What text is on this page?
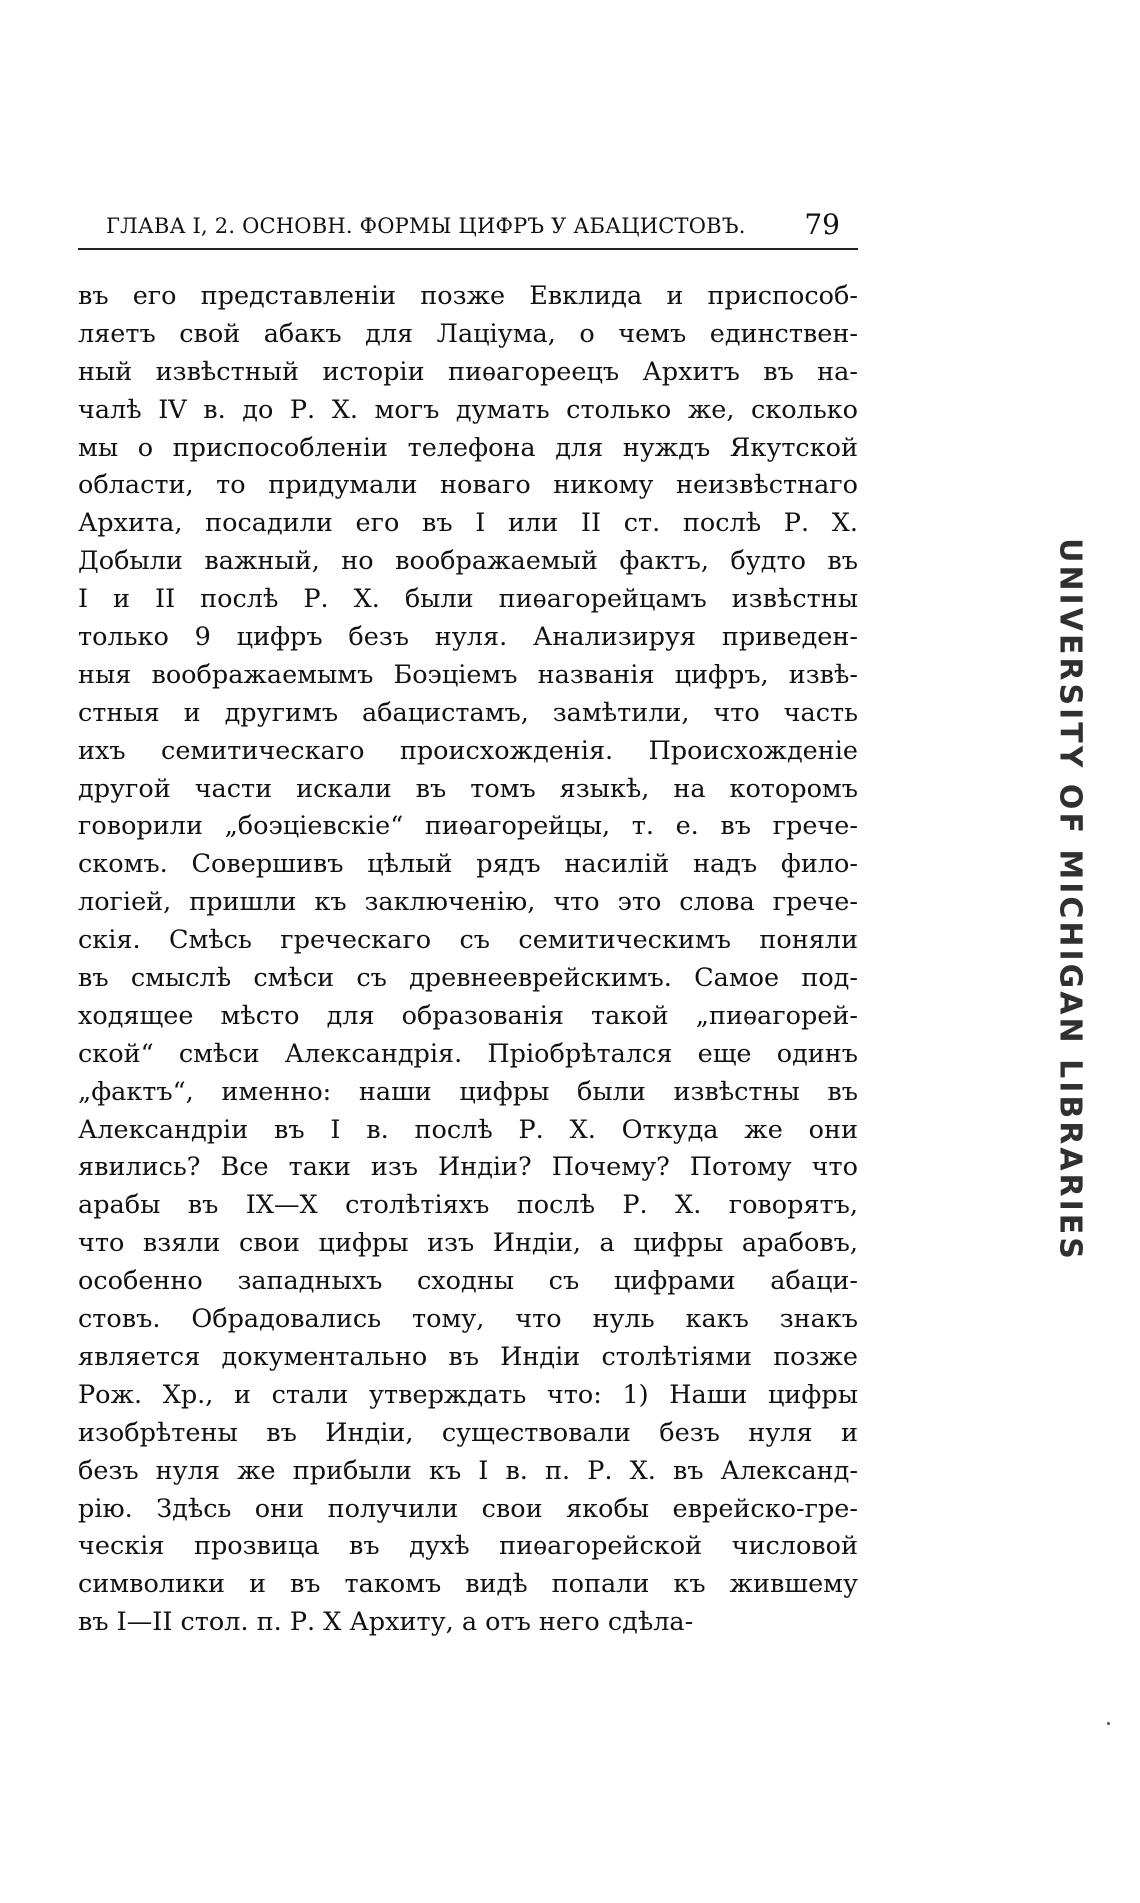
ГЛАВА I, 2. ОСНОВН. ФОРМЫ ЦИФРЪ У АБАЦИСТОВЪ. 79
въ его представленіи позже Евклида и приспособ-
ляетъ свой абакъ для Лаціума, о чемъ единствен-
ный извѣстный исторіи пиѳагореецъ Архитъ въ на-
чалѣ IV в. до Р. X. могъ думать столько же, сколько
мы о приспособленіи телефона для нуждъ Якутской
области, то придумали новаго никому неизвѣстнаго
Архита, посадили его въ I или II ст. послѣ Р. X.
Добыли важный, но воображаемый фактъ, будто въ
I и II послѣ Р. X. были пиѳагорейцамъ извѣстны
только 9 цифръ безъ нуля. Анализируя приведен-
ныя воображаемымъ Боэціемъ названія цифръ, извѣ-
стныя и другимъ абацистамъ, замѣтили, что часть
ихъ семитическаго происхожденія. Происхожденіе
другой части искали въ томъ языкѣ, на которомъ
говорили „боэціевскіе“ пиѳагорейцы, т. е. въ грече-
скомъ. Совершивъ цѣлый рядъ насилій надъ фило-
логіей, пришли къ заключенію, что это слова грече-
скія. Смѣсь греческаго съ семитическимъ поняли
въ смыслѣ смѣси съ древнееврейскимъ. Самое под-
ходящее мѣсто для образованія такой „пиѳагорей-
ской“ смѣси Александрія. Пріобрѣтался еще одинъ
„фактъ“, именно: наши цифры были извѣстны въ
Александріи въ I в. послѣ Р. X. Откуда же они
явились? Все таки изъ Индіи? Почему? Потому что
арабы въ IX—X столѣтіяхъ послѣ Р. X. говорятъ,
что взяли свои цифры изъ Индіи, а цифры арабовъ,
особенно западныхъ сходны съ цифрами абаци-
стовъ. Обрадовались тому, что нуль какъ знакъ
является документально въ Индіи столѣтіями позже
Рож. Хр., и стали утверждать что: 1) Наши цифры
изобрѣтены въ Индіи, существовали безъ нуля и
безъ нуля же прибыли къ I в. п. Р. X. въ Александ-
рію. Здѣсь они получили свои якобы еврейско-гре-
ческія прозвица въ духѣ пиѳагорейской числовой
символики и въ такомъ видѣ попали къ жившему
въ I—II стол. п. Р. X Архиту, а отъ него сдѣла-
UNIVERSITY OF MICHIGAN LIBRARIES
